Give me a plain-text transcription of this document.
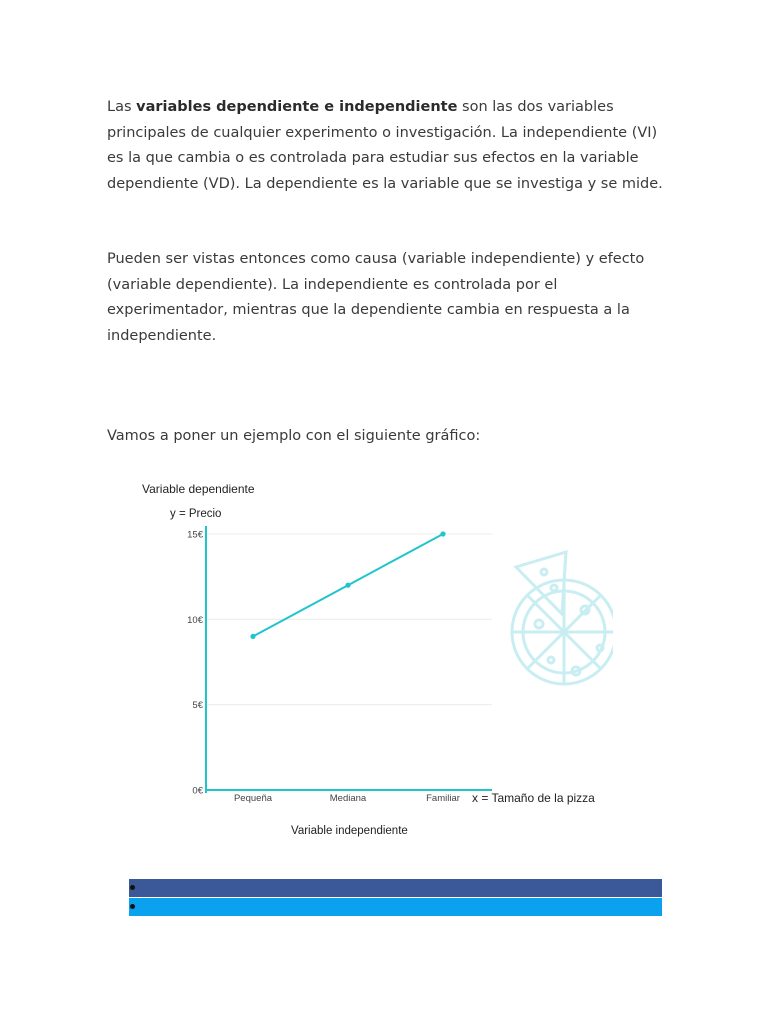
Las variables dependiente e independiente son las dos variables principales de cualquier experimento o investigación. La independiente (VI) es la que cambia o es controlada para estudiar sus efectos en la variable dependiente (VD). La dependiente es la variable que se investiga y se mide.

Pueden ser vistas entonces como causa (variable independiente) y efecto (variable dependiente). La independiente es controlada por el experimentador, mientras que la dependiente cambia en respuesta a la independiente.

Vamos a poner un ejemplo con el siguiente gráfico:

Variable dependiente
y = Precio
0€
5€
10€
15€
Pequeña	Mediana	Familiar x = Tamaño de la pizza
Variable independiente
